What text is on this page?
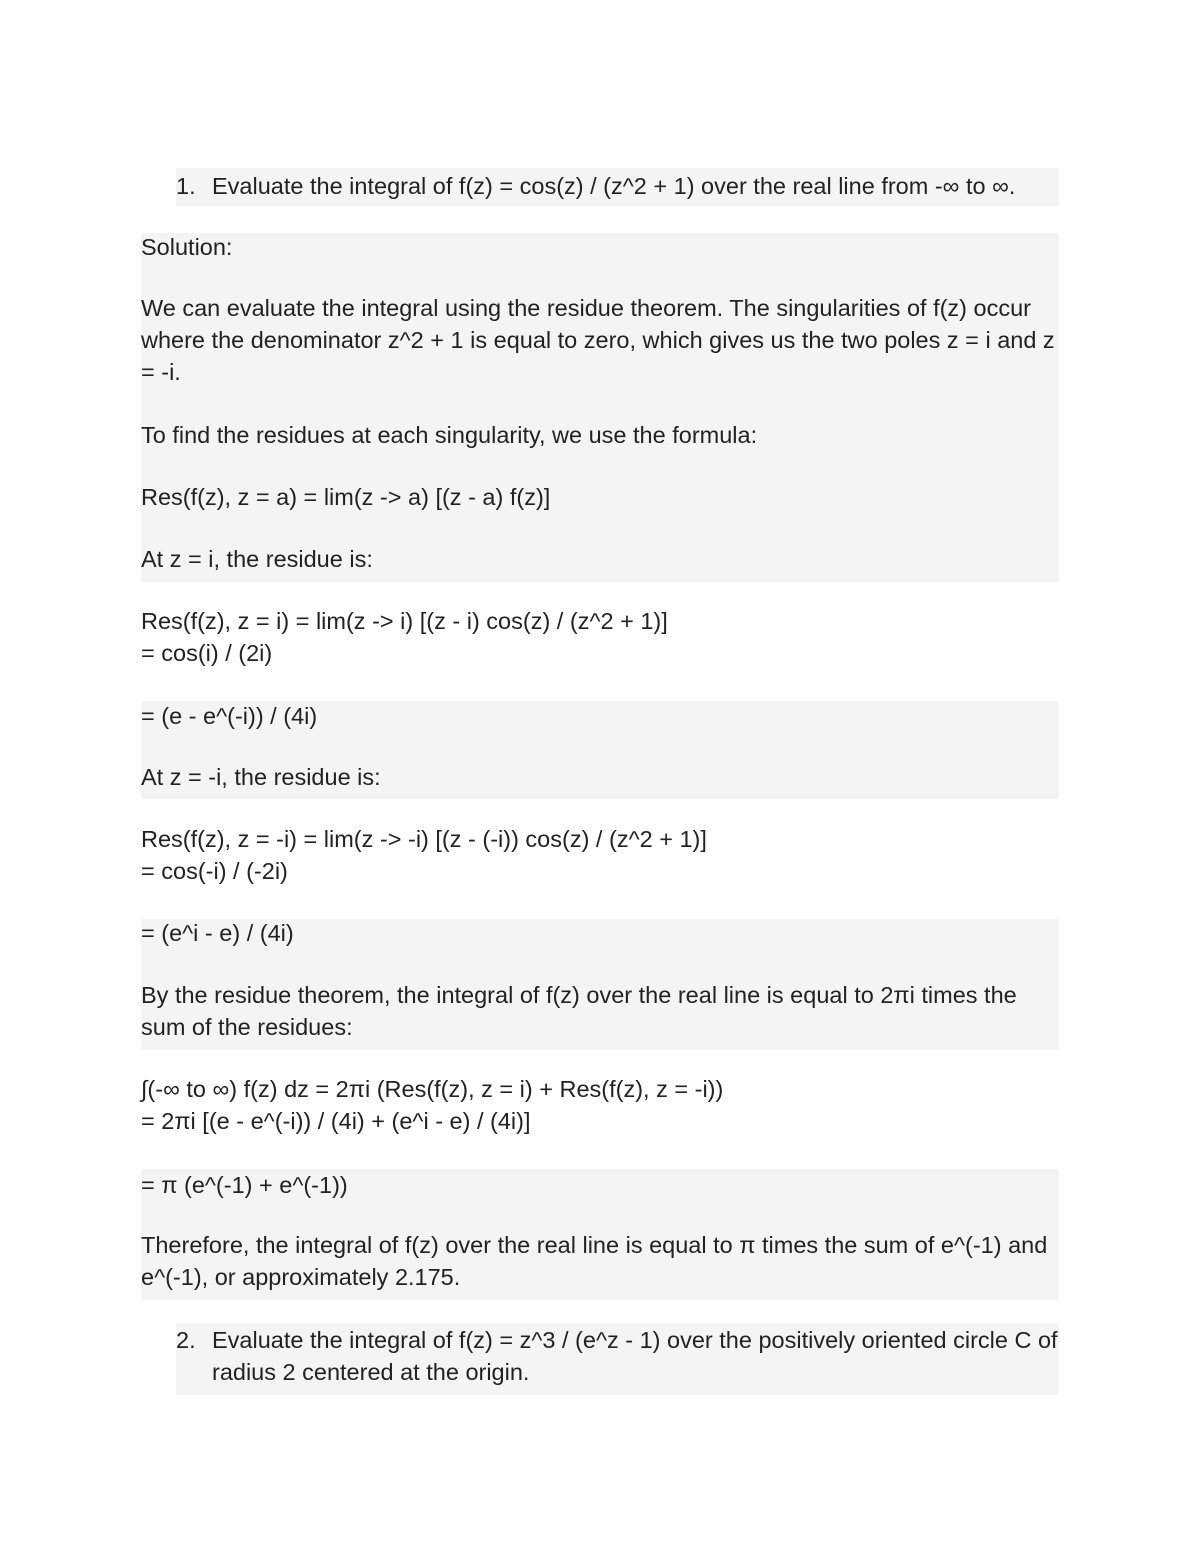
1. Evaluate the integral of f(z) = cos(z) / (z^2 + 1) over the real line from -∞ to ∞.
Solution:
We can evaluate the integral using the residue theorem. The singularities of f(z) occur
where the denominator z^2 + 1 is equal to zero, which gives us the two poles z = i and z
= -i.
To find the residues at each singularity, we use the formula:
Res(f(z), z = a) = lim(z -> a) [(z - a) f(z)]
At z = i, the residue is:
Res(f(z), z = i) = lim(z -> i) [(z - i) cos(z) / (z^2 + 1)]
= cos(i) / (2i)
= (e - e^(-i)) / (4i)
At z = -i, the residue is:
Res(f(z), z = -i) = lim(z -> -i) [(z - (-i)) cos(z) / (z^2 + 1)]
= cos(-i) / (-2i)
= (e^i - e) / (4i)
By the residue theorem, the integral of f(z) over the real line is equal to 2πi times the
sum of the residues:
∫(-∞ to ∞) f(z) dz = 2πi (Res(f(z), z = i) + Res(f(z), z = -i))
= 2πi [(e - e^(-i)) / (4i) + (e^i - e) / (4i)]
= π (e^(-1) + e^(-1))
Therefore, the integral of f(z) over the real line is equal to π times the sum of e^(-1) and
e^(-1), or approximately 2.175.
2. Evaluate the integral of f(z) = z^3 / (e^z - 1) over the positively oriented circle C of
radius 2 centered at the origin.
